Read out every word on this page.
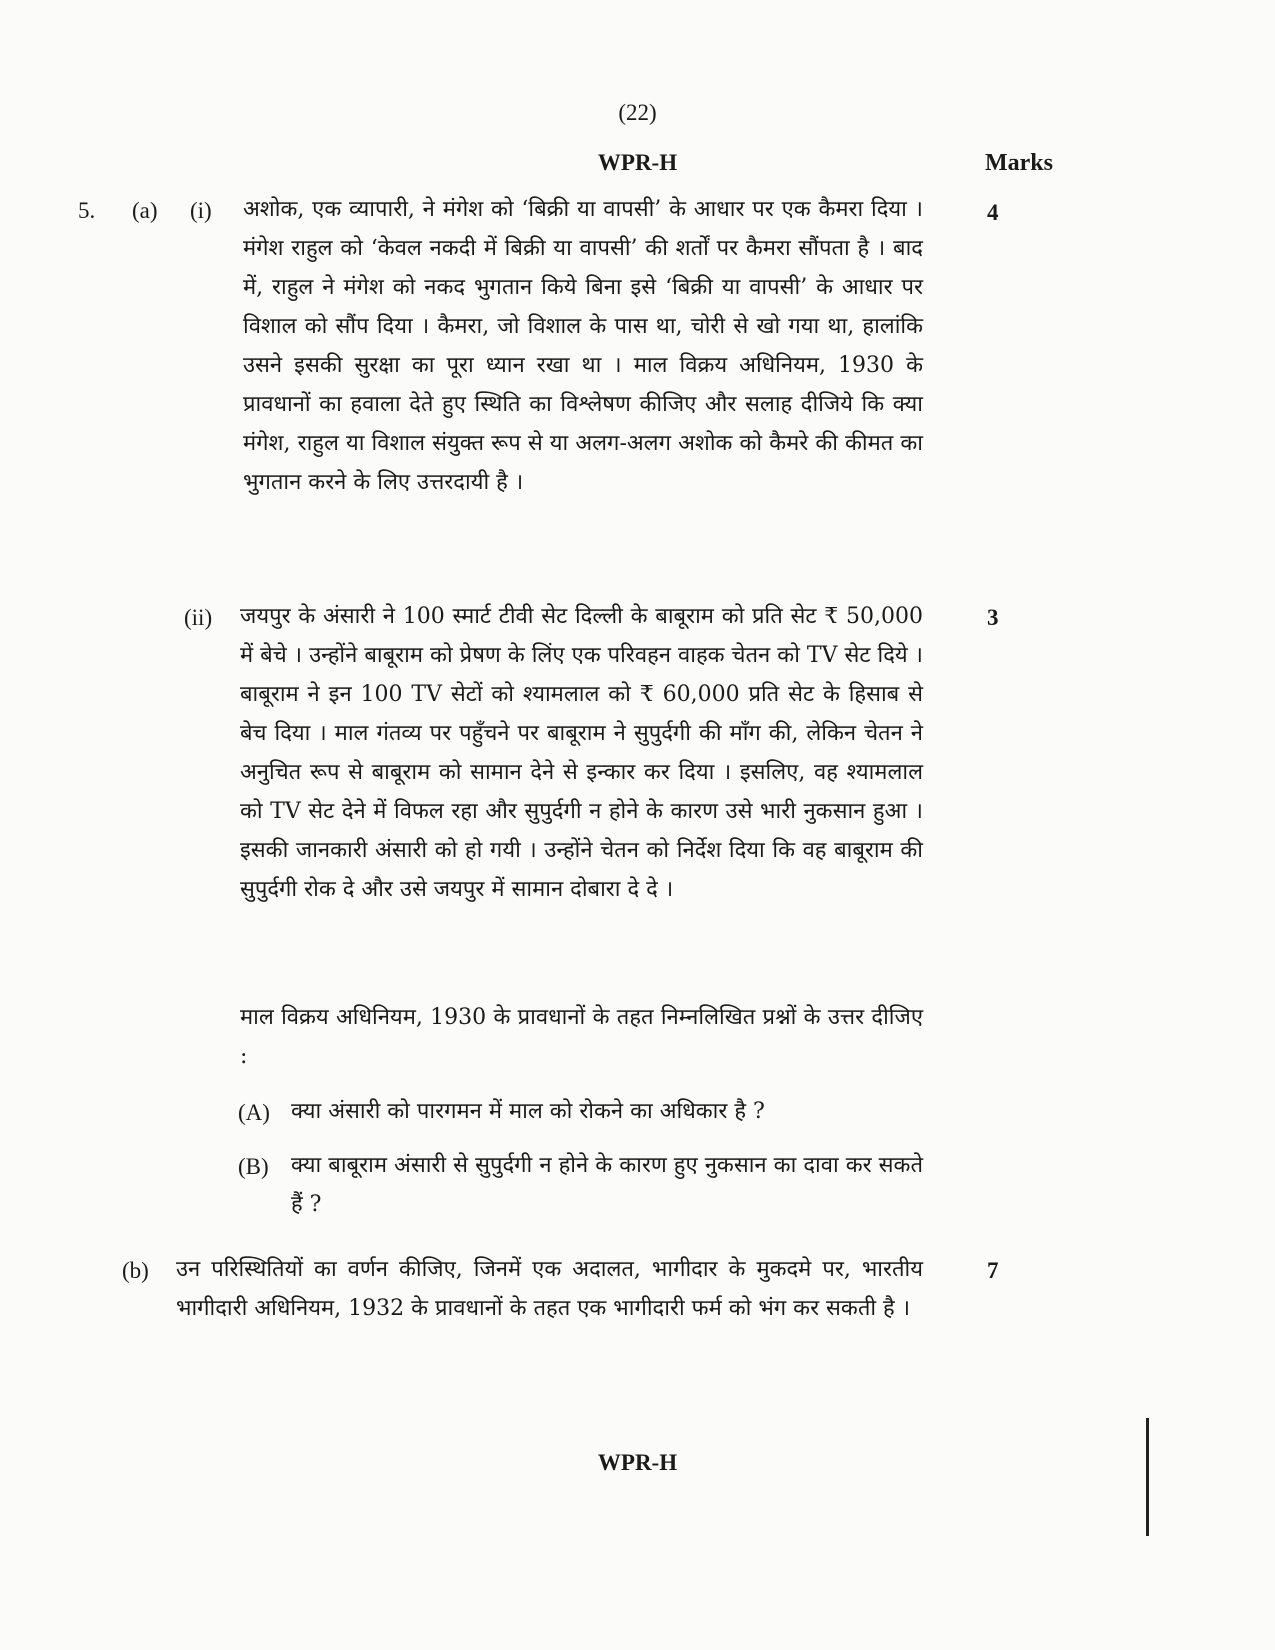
(22)
WPR-H	Marks
5. (a) (i) अशोक, एक व्यापारी, ने मंगेश को ‘बिक्री या वापसी’ के आधार पर एक कैमरा दिया । मंगेश राहुल को ‘केवल नकदी में बिक्री या वापसी’ की शर्तों पर कैमरा सौंपता है । बाद में, राहुल ने मंगेश को नकद भुगतान किये बिना इसे ‘बिक्री या वापसी’ के आधार पर विशाल को सौंप दिया । कैमरा, जो विशाल के पास था, चोरी से खो गया था, हालांकि उसने इसकी सुरक्षा का पूरा ध्यान रखा था । माल विक्रय अधिनियम, 1930 के प्रावधानों का हवाला देते हुए स्थिति का विश्लेषण कीजिए और सलाह दीजिये कि क्या मंगेश, राहुल या विशाल संयुक्त रूप से या अलग-अलग अशोक को कैमरे की कीमत का भुगतान करने के लिए उत्तरदायी है ।

4
(ii) जयपुर के अंसारी ने 100 स्मार्ट टीवी सेट दिल्ली के बाबूराम को प्रति सेट ₹ 50,000 में बेचे । उन्होंने बाबूराम को प्रेषण के लिंए एक परिवहन वाहक चेतन को TV सेट दिये । बाबूराम ने इन 100 TV सेटों को श्यामलाल को ₹ 60,000 प्रति सेट के हिसाब से बेच दिया । माल गंतव्य पर पहुँचने पर बाबूराम ने सुपुर्दगी की माँग की, लेकिन चेतन ने अनुचित रूप से बाबूराम को सामान देने से इन्कार कर दिया । इसलिए, वह श्यामलाल को TV सेट देने में विफल रहा और सुपुर्दगी न होने के कारण उसे भारी नुकसान हुआ । इसकी जानकारी अंसारी को हो गयी । उन्होंने चेतन को निर्देश दिया कि वह बाबूराम की सुपुर्दगी रोक दे और उसे जयपुर में सामान दोबारा दे दे ।

3

माल विक्रय अधिनियम, 1930 के प्रावधानों के तहत निम्नलिखित प्रश्नों के उत्तर दीजिए :

(A) क्या अंसारी को पारगमन में माल को रोकने का अधिकार है ?

(B) क्या बाबूराम अंसारी से सुपुर्दगी न होने के कारण हुए नुकसान का दावा कर सकते हैं ?

(b) उन परिस्थितियों का वर्णन कीजिए, जिनमें एक अदालत, भागीदार के मुकदमे पर, भारतीय भागीदारी अधिनियम, 1932 के प्रावधानों के तहत एक भागीदारी फर्म को भंग कर सकती है ।

7
WPR-H
